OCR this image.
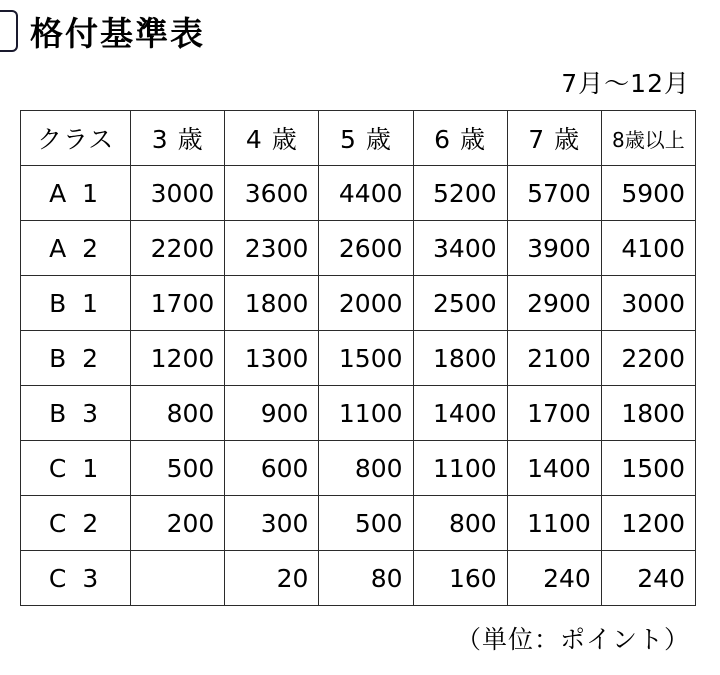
格付基準表
7月〜12月
クラス	3 歳	4 歳	5 歳	6 歳	7 歳	8歳以上
A 1	3000	3600	4400	5200	5700	5900
A 2	2200	2300	2600	3400	3900	4100
B 1	1700	1800	2000	2500	2900	3000
B 2	1200	1300	1500	1800	2100	2200
B 3	800	900	1100	1400	1700	1800
C 1	500	600	800	1100	1400	1500
C 2	200	300	500	800	1100	1200
C 3		20	80	160	240	240
（単位：ポイント）
